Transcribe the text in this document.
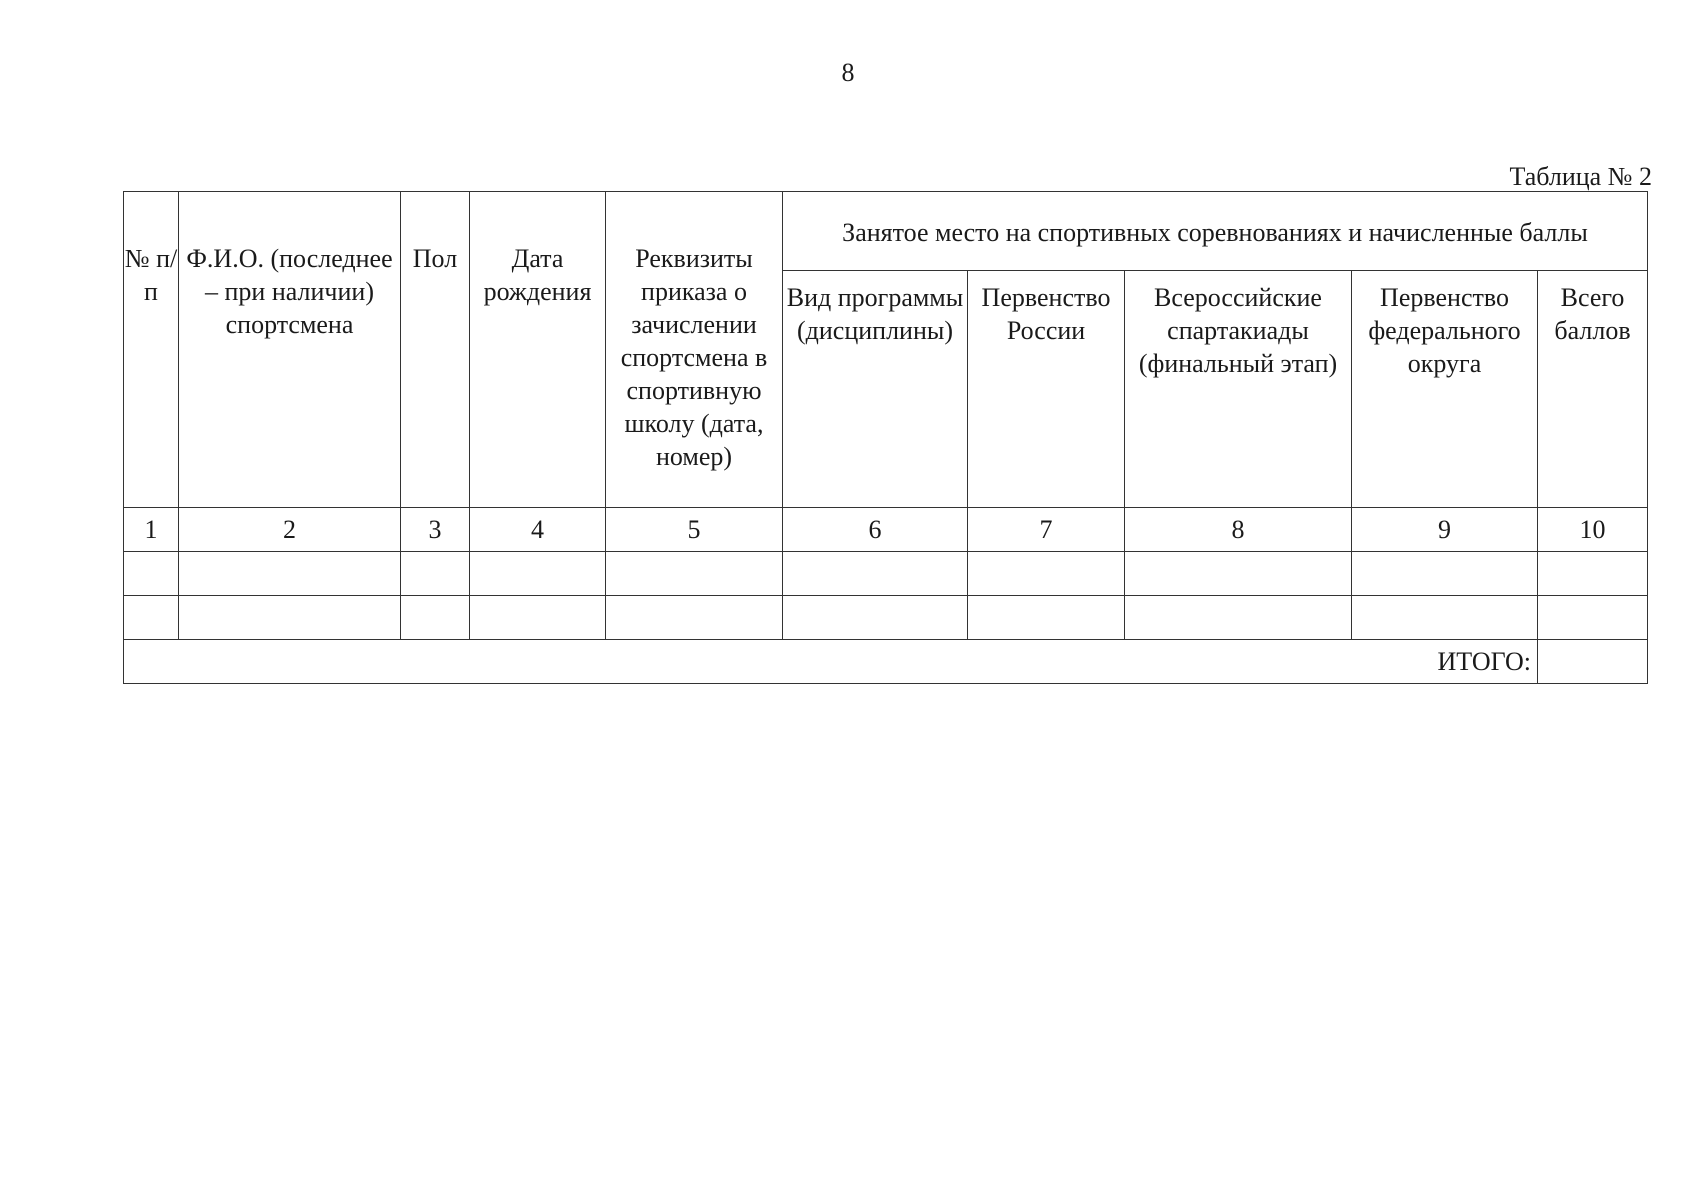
8
Таблица № 2
№ п/п	Ф.И.О. (последнее – при наличии) спортсмена	Пол	Дата рождения	Реквизиты приказа о зачислении спортсмена в спортивную школу (дата, номер)	Занятое место на спортивных соревнованиях и начисленные баллы				
					Вид программы (дисциплины)	Первенство России	Всероссийские спартакиады (финальный этап)	Первенство федерального округа	Всего баллов
1	2	3	4	5	6	7	8	9	10

ИТОГО:									
